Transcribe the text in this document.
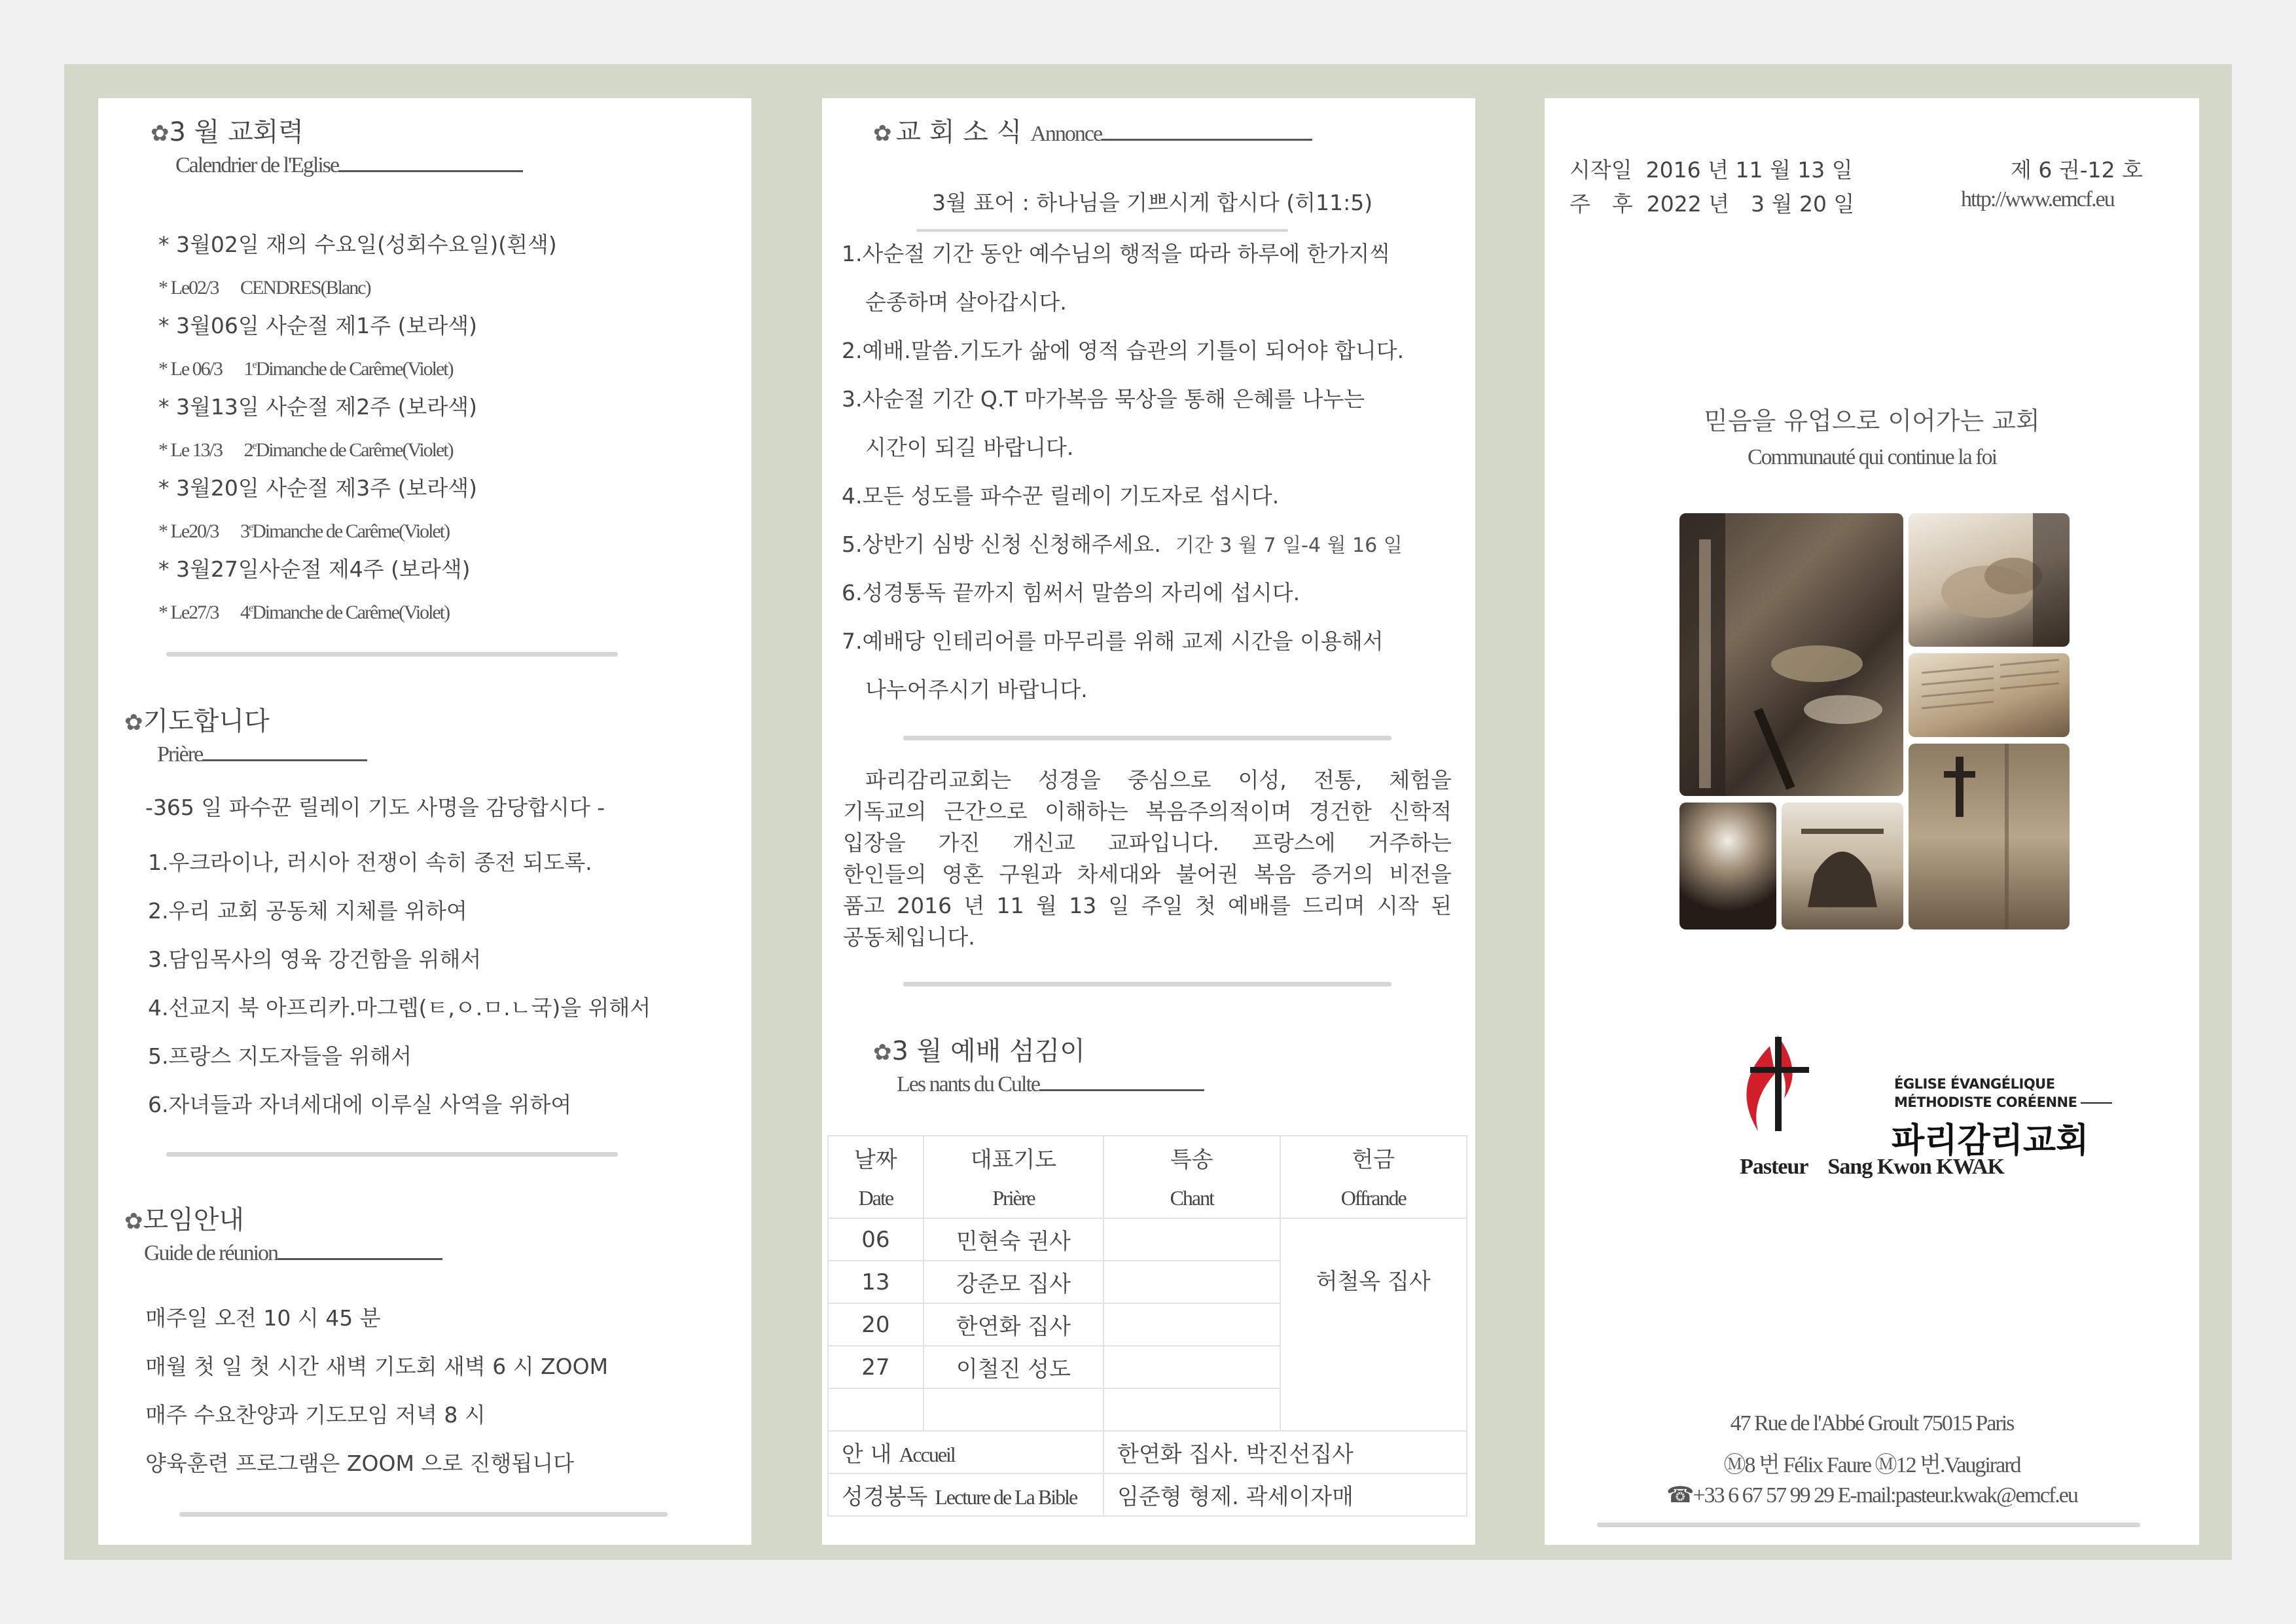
✿3 월 교회력
Calendrier de l'Eglise
* 3월02일 재의 수요일(성회수요일)(흰색)
* Le02/3 　CENDRES(Blanc)
* 3월06일 사순절 제1주 (보라색)
* Le 06/3 　1eDimanche de Carême(Violet)
* 3월13일 사순절 제2주 (보라색)
* Le 13/3 　2eDimanche de Carême(Violet)
* 3월20일 사순절 제3주 (보라색)
* Le20/3 　3eDimanche de Carême(Violet)
* 3월27일사순절 제4주 (보라색)
* Le27/3 　4eDimanche de Carême(Violet)
✿기도합니다
Prière
-365 일 파수꾼 릴레이 기도 사명을 감당합시다 -
1.우크라이나, 러시아 전쟁이 속히 종전 되도록.
2.우리 교회 공동체 지체를 위하여
3.담임목사의 영육 강건함을 위해서
4.선교지 북 아프리카.마그렙(ㅌ,ㅇ.ㅁ.ㄴ국)을 위해서
5.프랑스 지도자들을 위해서
6.자녀들과 자녀세대에 이루실 사역을 위하여
✿모임안내
Guide de réunion
매주일 오전 10 시 45 분
매월 첫 일 첫 시간 새벽 기도회 새벽 6 시 ZOOM
매주 수요찬양과 기도모임 저녁 8 시
양육훈련 프로그램은 ZOOM 으로 진행됩니다
✿ 교 회 소 식 Annonce
3월 표어 : 하나님을 기쁘시게 합시다 (히11:5)
1.사순절 기간 동안 예수님의 행적을 따라 하루에 한가지씩
순종하며 살아갑시다.
2.예배.말씀.기도가 삶에 영적 습관의 기틀이 되어야 합니다.
3.사순절 기간 Q.T 마가복음 묵상을 통해 은혜를 나누는
시간이 되길 바랍니다.
4.모든 성도를 파수꾼 릴레이 기도자로 섭시다.
5.상반기 심방 신청 신청해주세요. 기간 3 월 7 일-4 월 16 일
6.성경통독 끝까지 힘써서 말씀의 자리에 섭시다.
7.예배당 인테리어를 마무리를 위해 교제 시간을 이용해서
나누어주시기 바랍니다.
파리감리교회는 성경을 중심으로 이성, 전통, 체험을
기독교의 근간으로 이해하는 복음주의적이며 경건한 신학적
입장을 가진 개신교 교파입니다. 프랑스에 거주하는
한인들의 영혼 구원과 차세대와 불어권 복음 증거의 비전을
품고 2016 년 11 월 13 일 주일 첫 예배를 드리며 시작 된
공동체입니다.
✿3 월 예배 섬김이
Les nants du Culte
날짜	대표기도	특송	헌금
Date	Prière	Chant	Offrande
06	민현숙 권사		허철옥 집사
13	강준모 집사		
20	한연화 집사		
27	이철진 성도		

안 내 Accueil		한연화 집사. 박진선집사	
성경봉독 Lecture de La Bible		임준형 형제. 곽세이자매	
시작일 2016 년 11 월 13 일
주　후 2022 년　3 월 20 일
제 6 권-12 호
http://www.emcf.eu
믿음을 유업으로 이어가는 교회
Communauté qui continue la foi
ÉGLISE ÉVANGÉLIQUE
MÉTHODISTE CORÉENNE
파리감리교회
Pasteur Sang Kwon KWAK
47 Rue de l'Abbé Groult 75015 Paris
Ⓜ8 번 Félix Faure Ⓜ12 번.Vaugirard
☎+33 6 67 57 99 29 E-mail:pasteur.kwak@emcf.eu
